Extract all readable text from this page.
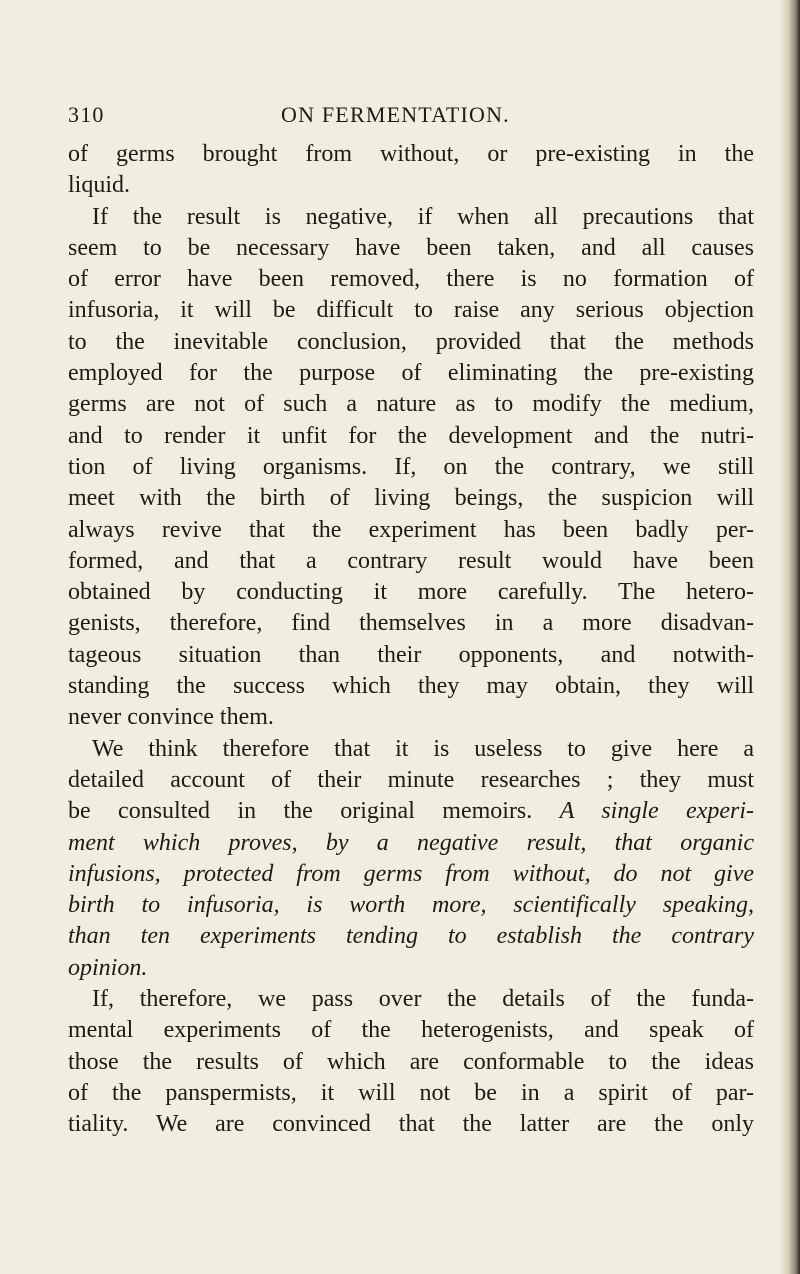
310	ON FERMENTATION.
of germs brought from without, or pre-existing in the
liquid.
If the result is negative, if when all precautions that
seem to be necessary have been taken, and all causes
of error have been removed, there is no formation of
infusoria, it will be difficult to raise any serious objection
to the inevitable conclusion, provided that the methods
employed for the purpose of eliminating the pre-existing
germs are not of such a nature as to modify the medium,
and to render it unfit for the development and the nutri-
tion of living organisms. If, on the contrary, we still
meet with the birth of living beings, the suspicion will
always revive that the experiment has been badly per-
formed, and that a contrary result would have been
obtained by conducting it more carefully. The hetero-
genists, therefore, find themselves in a more disadvan-
tageous situation than their opponents, and notwith-
standing the success which they may obtain, they will
never convince them.
We think therefore that it is useless to give here a
detailed account of their minute researches ; they must
be consulted in the original memoirs. A single experi-
ment which proves, by a negative result, that organic
infusions, protected from germs from without, do not give
birth to infusoria, is worth more, scientifically speaking,
than ten experiments tending to establish the contrary
opinion.
If, therefore, we pass over the details of the funda-
mental experiments of the heterogenists, and speak of
those the results of which are conformable to the ideas
of the panspermists, it will not be in a spirit of par-
tiality. We are convinced that the latter are the only
